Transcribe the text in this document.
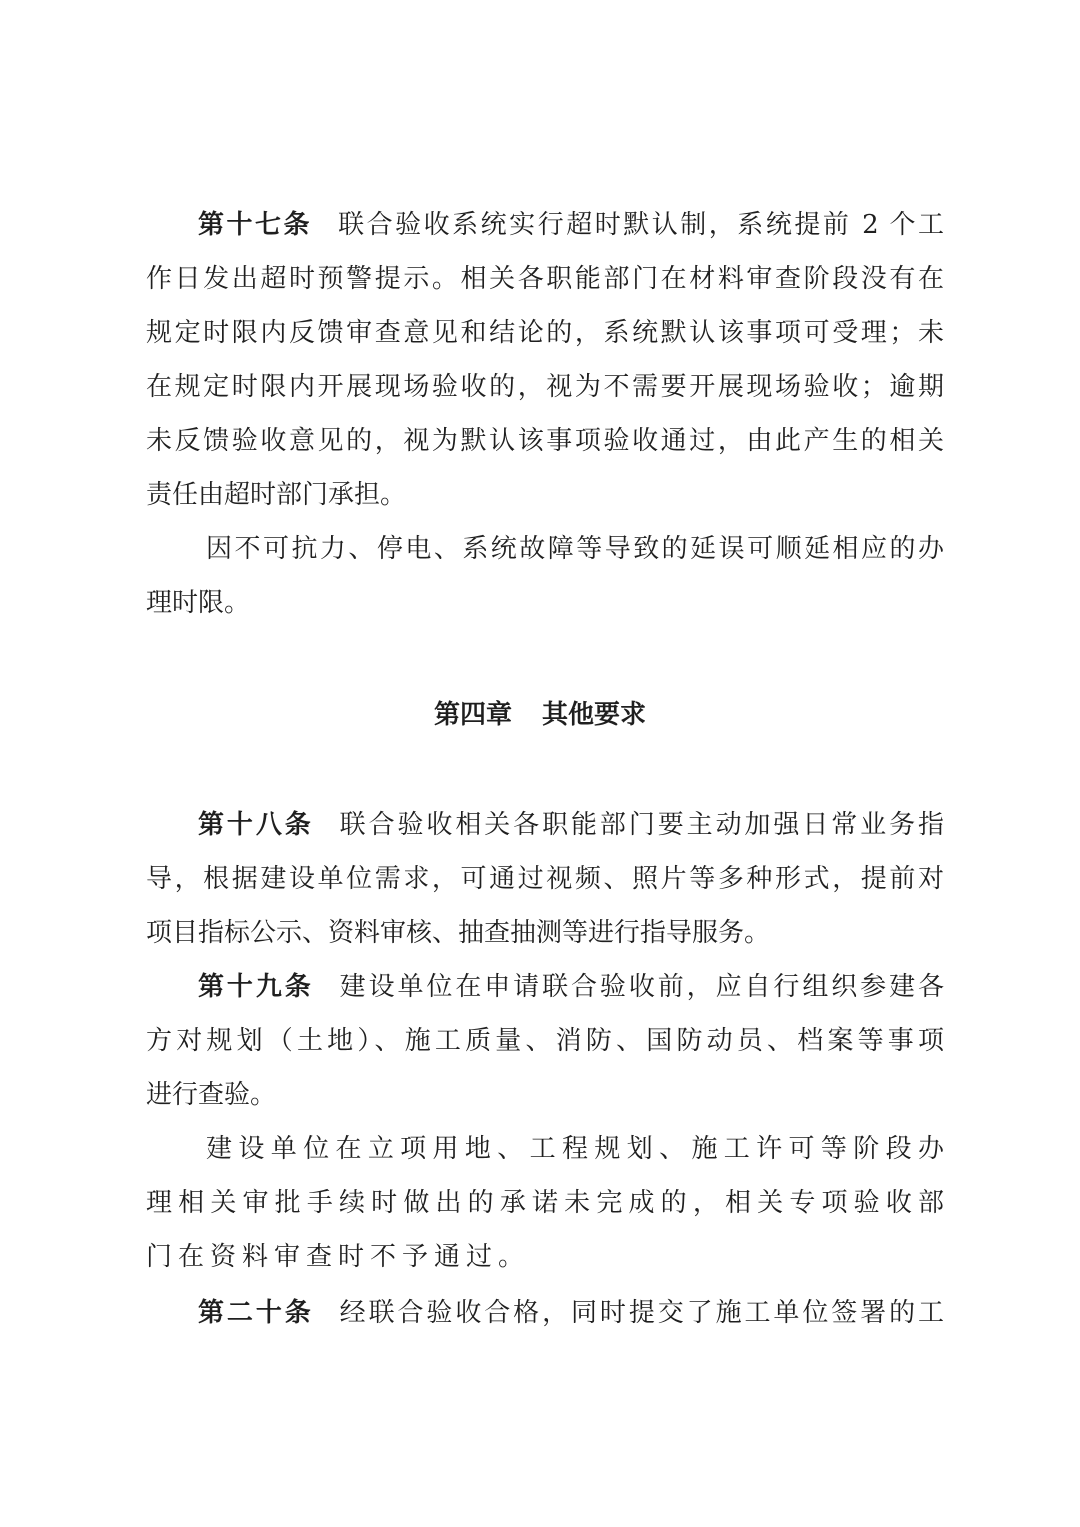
第十七条 联合验收系统实行超时默认制，系统提前 2 个工
作日发出超时预警提示。相关各职能部门在材料审查阶段没有在
规定时限内反馈审查意见和结论的，系统默认该事项可受理；未
在规定时限内开展现场验收的，视为不需要开展现场验收；逾期
未反馈验收意见的，视为默认该事项验收通过，由此产生的相关
责任由超时部门承担。
因不可抗力、停电、系统故障等导致的延误可顺延相应的办
理时限。
第四章 其他要求
第十八条 联合验收相关各职能部门要主动加强日常业务指
导，根据建设单位需求，可通过视频、照片等多种形式，提前对
项目指标公示、资料审核、抽查抽测等进行指导服务。
第十九条 建设单位在申请联合验收前，应自行组织参建各
方对规划（土地）、施工质量、消防、国防动员、档案等事项
进行查验。
建设单位在立项用地、工程规划、施工许可等阶段办
理相关审批手续时做出的承诺未完成的，相关专项验收部
门在资料审查时不予通过。
第二十条 经联合验收合格，同时提交了施工单位签署的工
